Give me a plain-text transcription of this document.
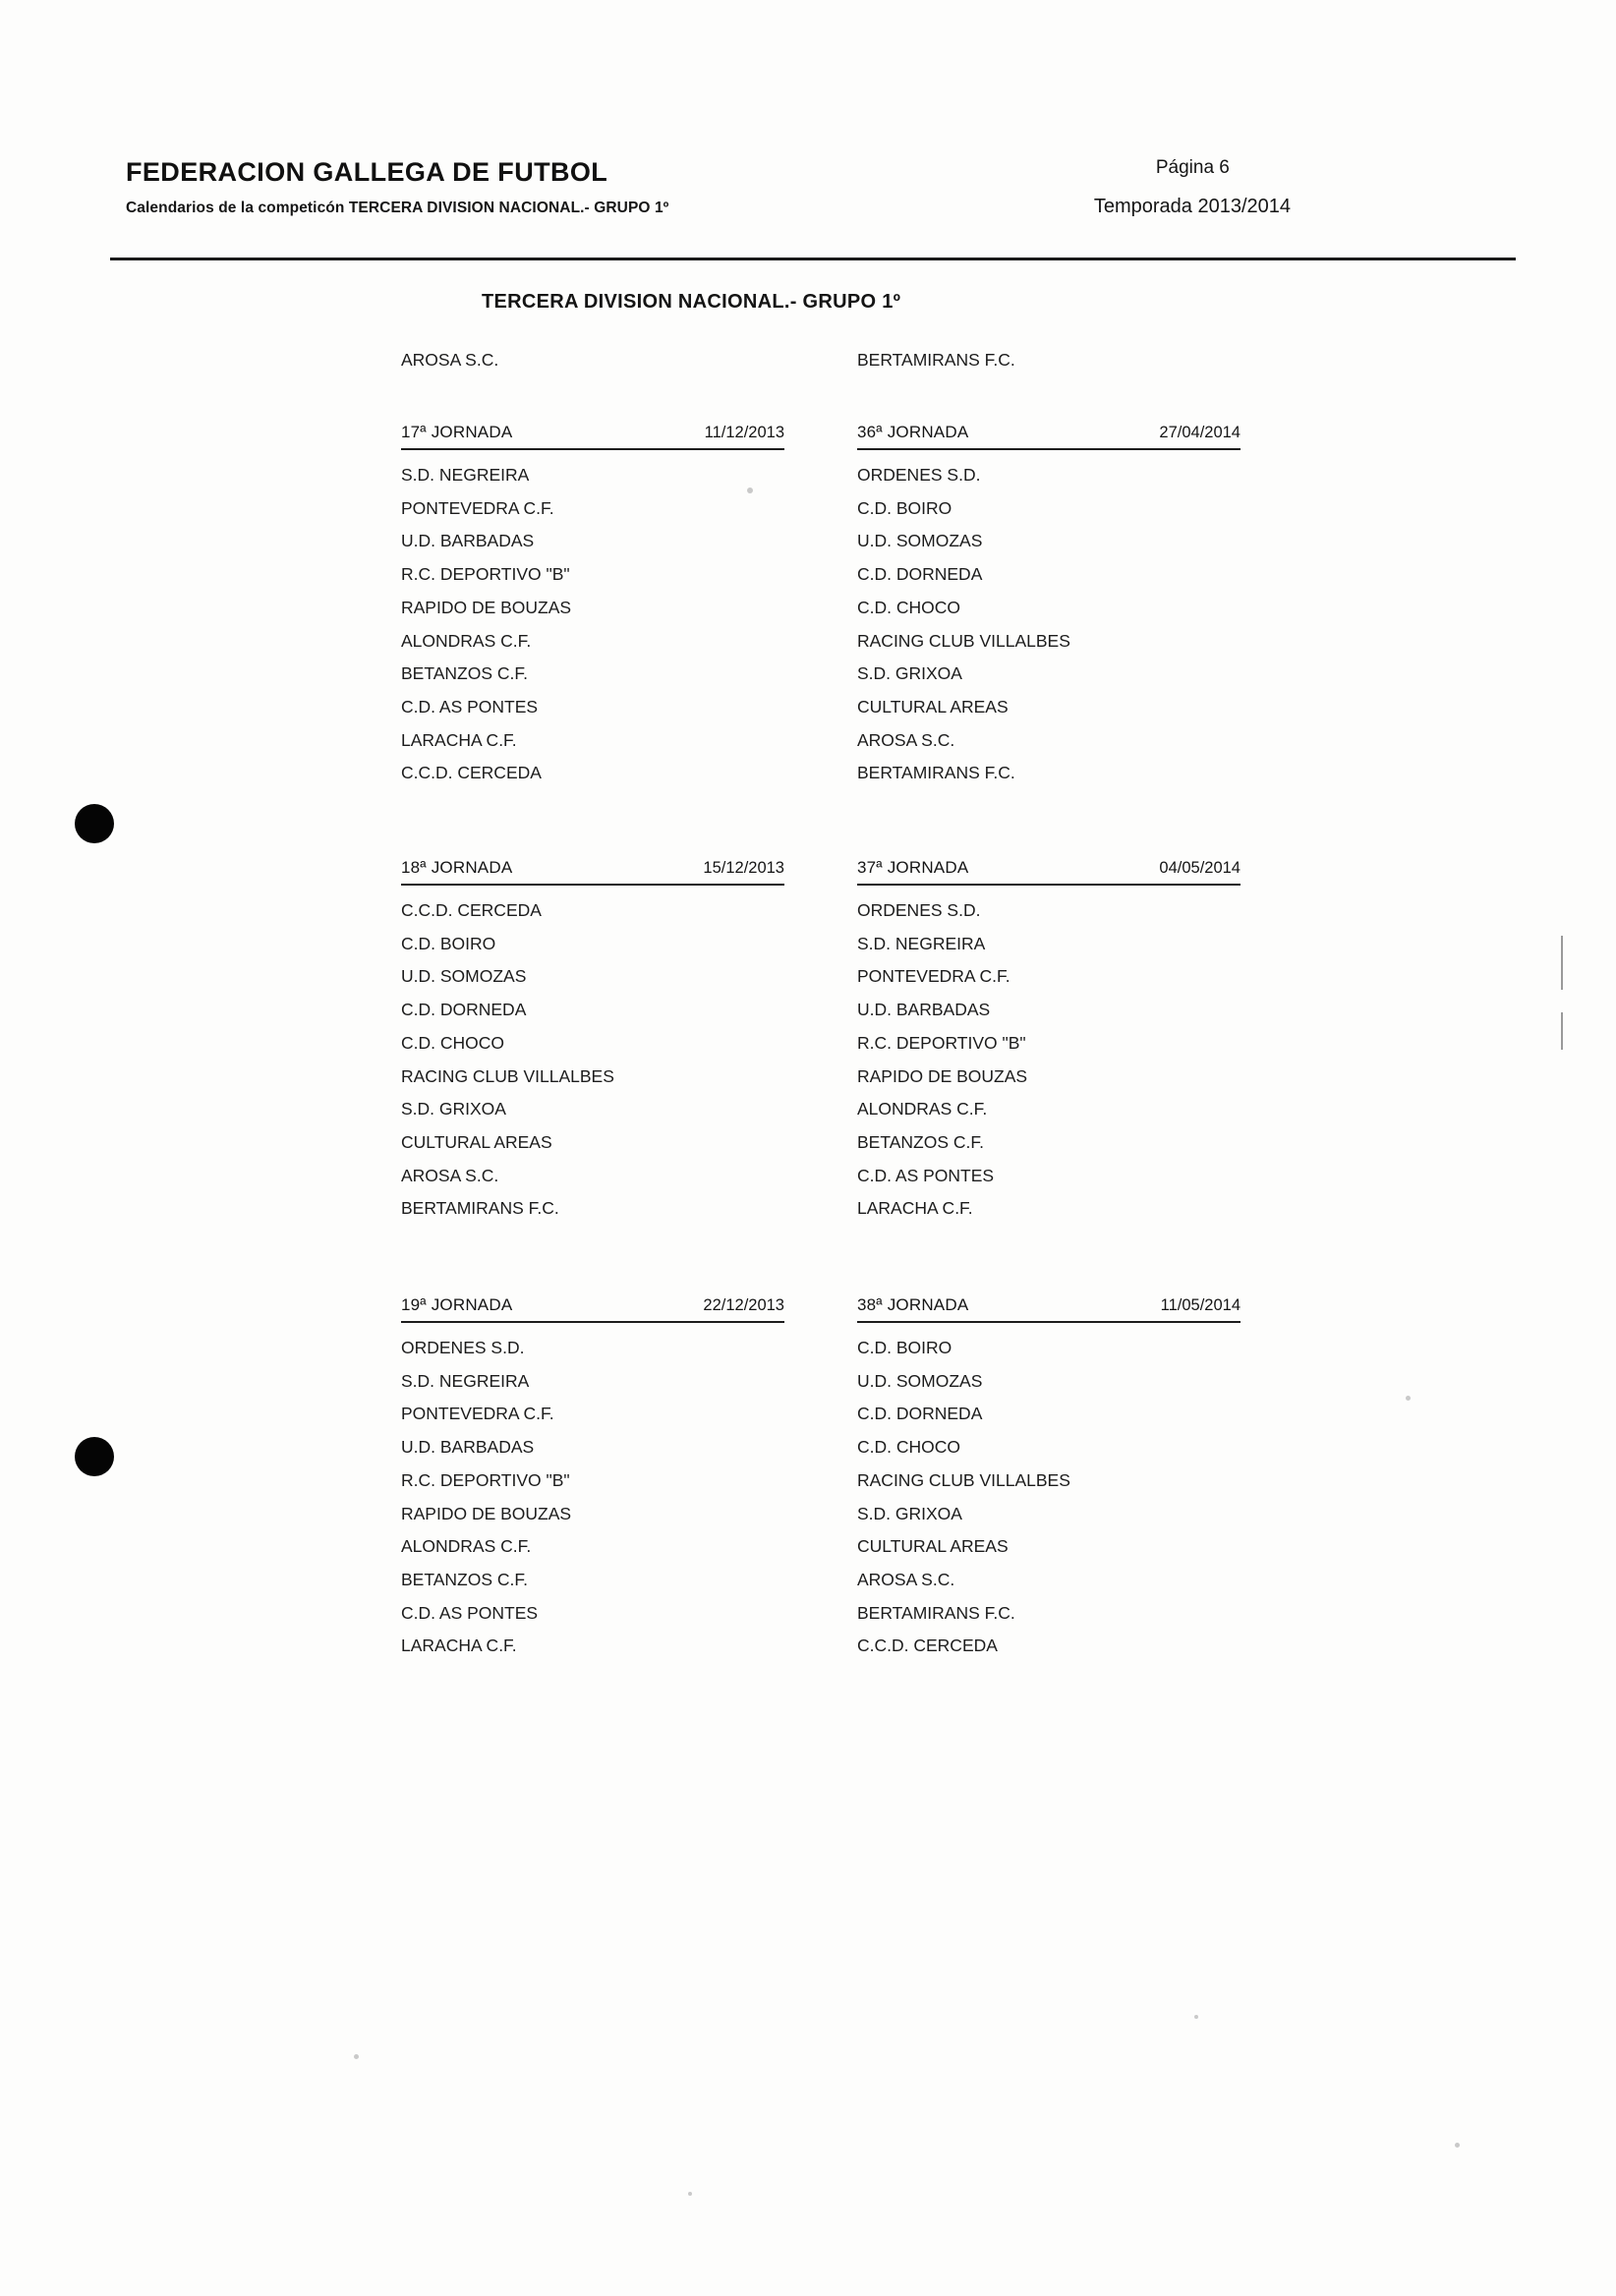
FEDERACION GALLEGA DE FUTBOL
Calendarios de la competicón TERCERA DIVISION NACIONAL.- GRUPO 1º
Página 6
Temporada 2013/2014
TERCERA DIVISION NACIONAL.- GRUPO 1º
AROSA S.C.	BERTAMIRANS F.C.
17ª JORNADA	11/12/2013
S.D. NEGREIRA
PONTEVEDRA C.F.
U.D. BARBADAS
R.C. DEPORTIVO "B"
RAPIDO DE BOUZAS
ALONDRAS C.F.
BETANZOS C.F.
C.D. AS PONTES
LARACHA C.F.
C.C.D. CERCEDA
36ª JORNADA	27/04/2014
ORDENES S.D.
C.D. BOIRO
U.D. SOMOZAS
C.D. DORNEDA
C.D. CHOCO
RACING CLUB VILLALBES
S.D. GRIXOA
CULTURAL AREAS
AROSA S.C.
BERTAMIRANS F.C.
18ª JORNADA	15/12/2013
C.C.D. CERCEDA
C.D. BOIRO
U.D. SOMOZAS
C.D. DORNEDA
C.D. CHOCO
RACING CLUB VILLALBES
S.D. GRIXOA
CULTURAL AREAS
AROSA S.C.
BERTAMIRANS F.C.
37ª JORNADA	04/05/2014
ORDENES S.D.
S.D. NEGREIRA
PONTEVEDRA C.F.
U.D. BARBADAS
R.C. DEPORTIVO "B"
RAPIDO DE BOUZAS
ALONDRAS C.F.
BETANZOS C.F.
C.D. AS PONTES
LARACHA C.F.
19ª JORNADA	22/12/2013
ORDENES S.D.
S.D. NEGREIRA
PONTEVEDRA C.F.
U.D. BARBADAS
R.C. DEPORTIVO "B"
RAPIDO DE BOUZAS
ALONDRAS C.F.
BETANZOS C.F.
C.D. AS PONTES
LARACHA C.F.
38ª JORNADA	11/05/2014
C.D. BOIRO
U.D. SOMOZAS
C.D. DORNEDA
C.D. CHOCO
RACING CLUB VILLALBES
S.D. GRIXOA
CULTURAL AREAS
AROSA S.C.
BERTAMIRANS F.C.
C.C.D. CERCEDA
